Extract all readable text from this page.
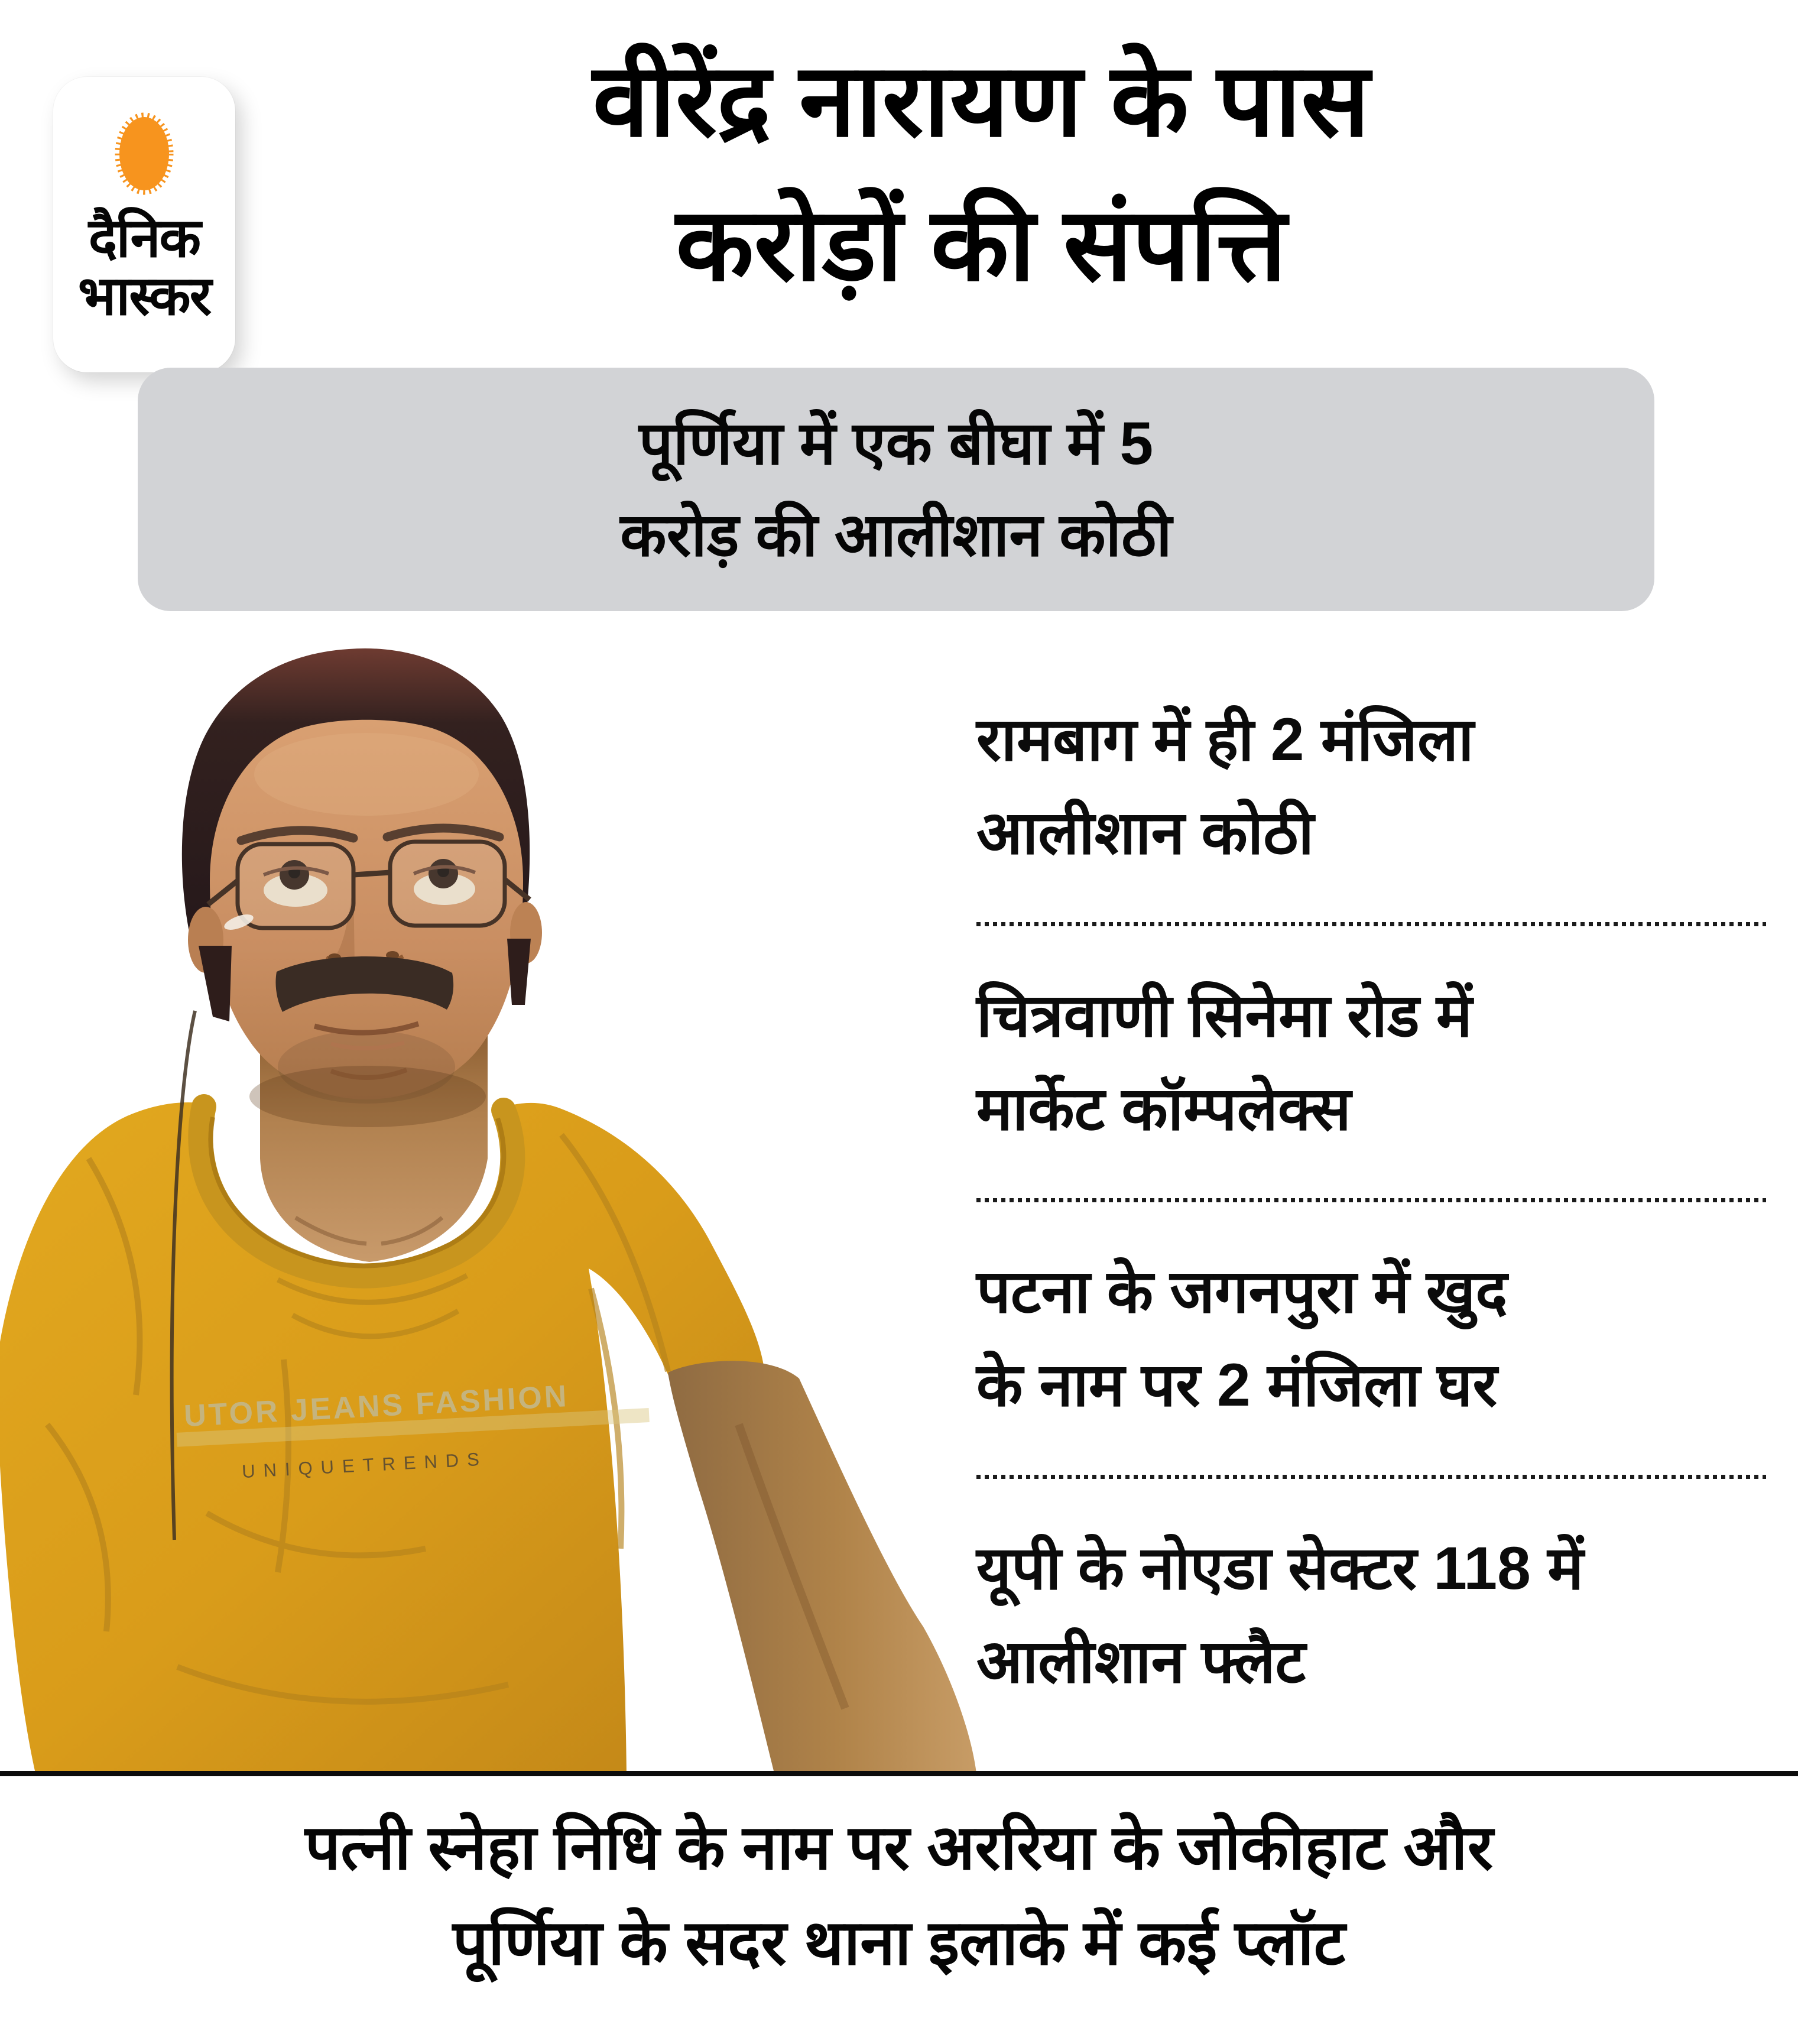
दैनिक
भास्कर
वीरेंद्र नारायण के पास
करोड़ों की संपत्ति
पूर्णिया में एक बीघा में 5
करोड़ की आलीशान कोठी
UTOR JEANS FASHION
UNIQUETRENDS
रामबाग में ही 2 मंजिला
आलीशान कोठी
चित्रवाणी सिनेमा रोड में
मार्केट कॉम्पलेक्स
पटना के जगनपुरा में खुद
के नाम पर 2 मंजिला घर
यूपी के नोएडा सेक्टर 118 में
आलीशान फ्लैट
पत्नी स्नेहा निधि के नाम पर अररिया के जोकीहाट और
पूर्णिया के सदर थाना इलाके में कई प्लॉट
